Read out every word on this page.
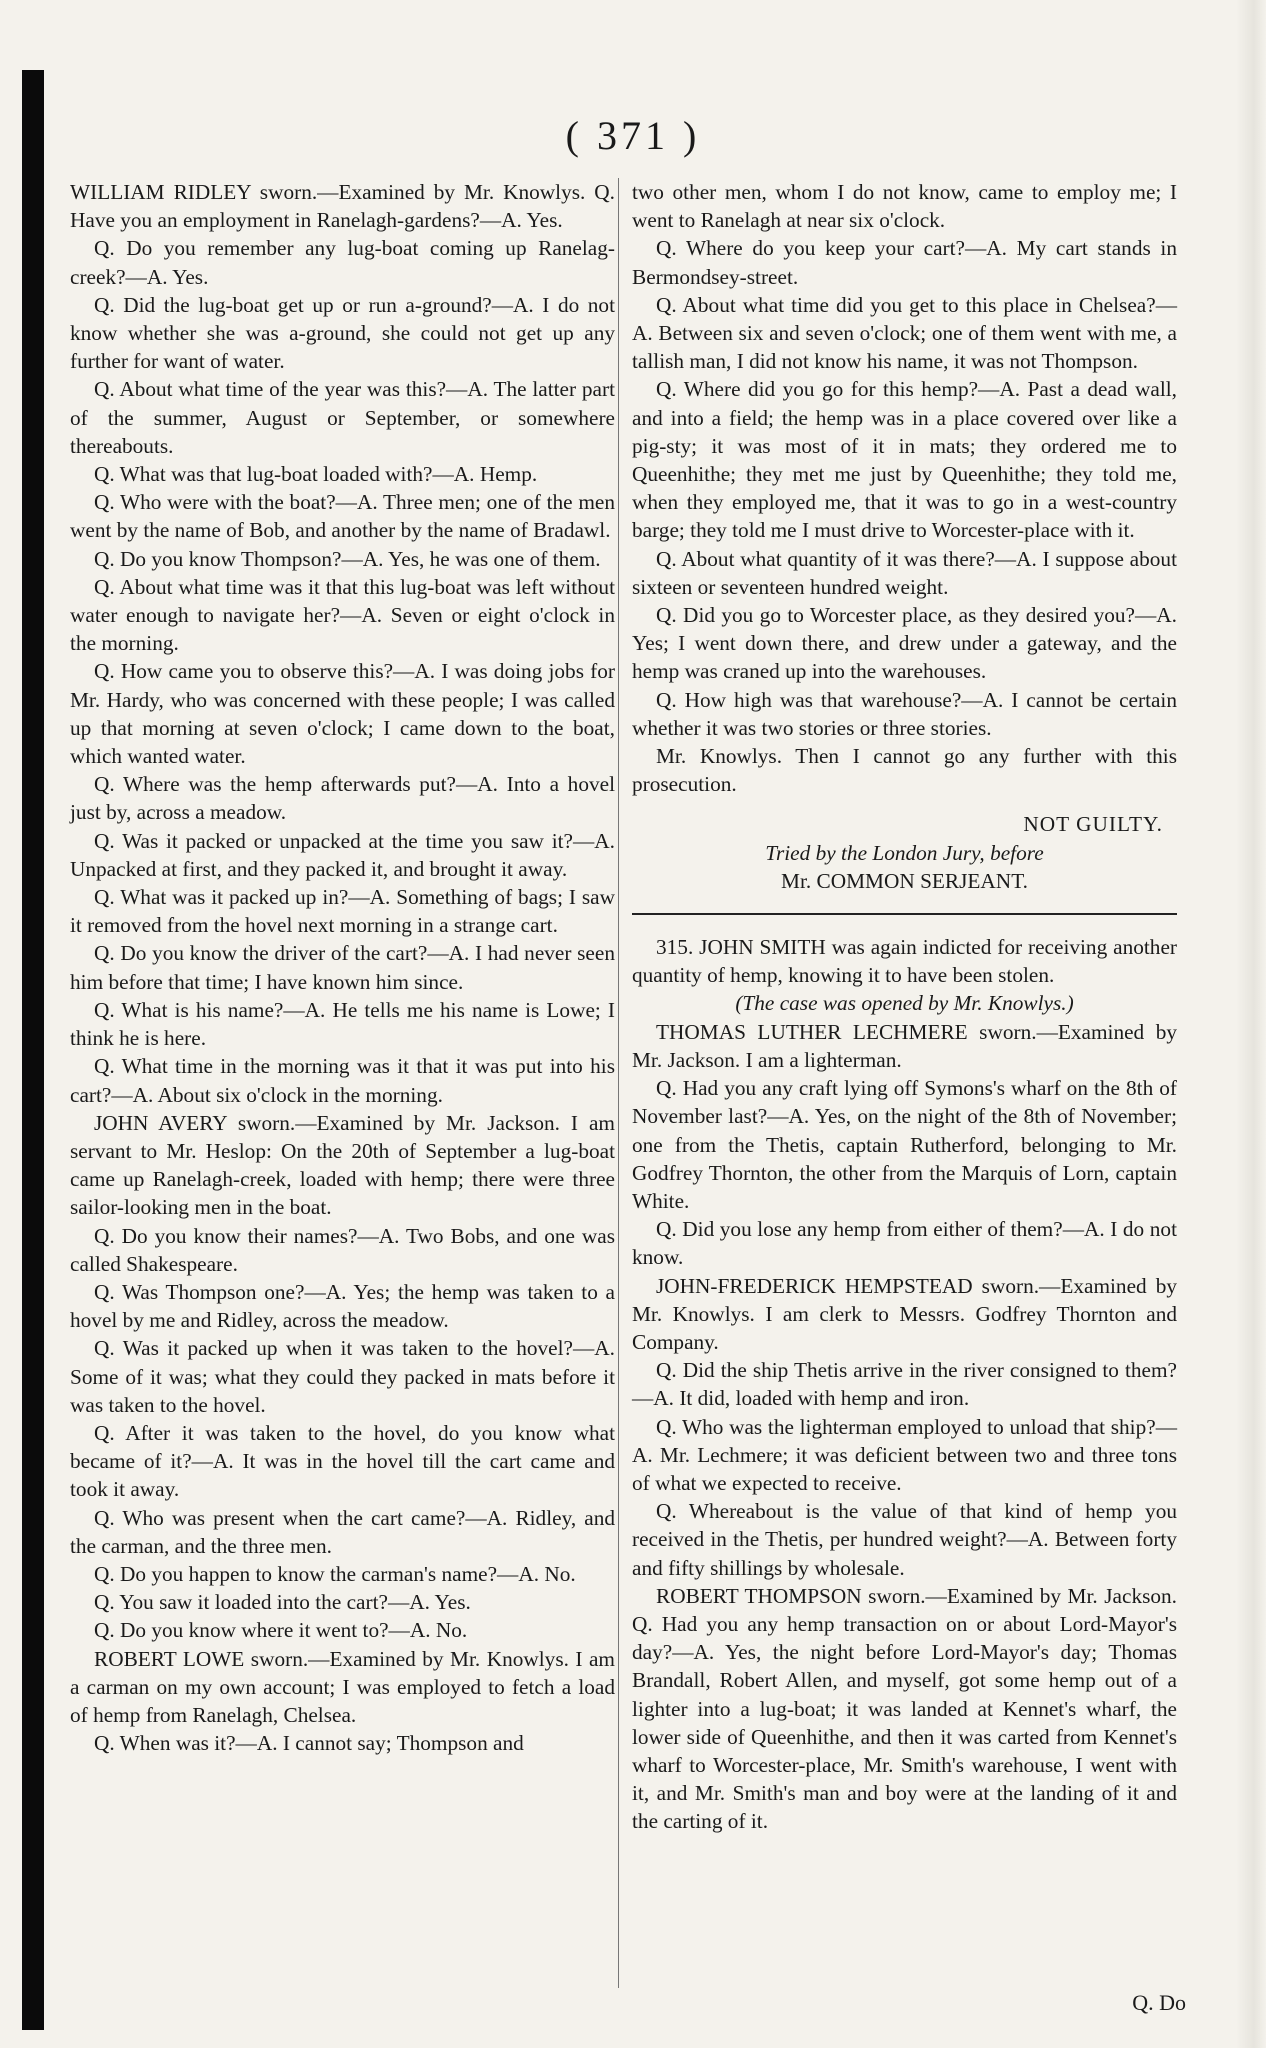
( 371 )

WILLIAM RIDLEY sworn.—Examined by Mr. Knowlys. Q. Have you an employment in Ranelagh-gardens?—A. Yes.

Q. Do you remember any lug-boat coming up Ranelag-creek?—A. Yes.

Q. Did the lug-boat get up or run a-ground?—A. I do not know whether she was a-ground, she could not get up any further for want of water.

Q. About what time of the year was this?—A. The latter part of the summer, August or September, or somewhere thereabouts.

Q. What was that lug-boat loaded with?—A. Hemp.

Q. Who were with the boat?—A. Three men; one of the men went by the name of Bob, and another by the name of Bradawl.

Q. Do you know Thompson?—A. Yes, he was one of them.

Q. About what time was it that this lug-boat was left without water enough to navigate her?—A. Seven or eight o'clock in the morning.

Q. How came you to observe this?—A. I was doing jobs for Mr. Hardy, who was concerned with these people; I was called up that morning at seven o'clock; I came down to the boat, which wanted water.

Q. Where was the hemp afterwards put?—A. Into a hovel just by, across a meadow.

Q. Was it packed or unpacked at the time you saw it?—A. Unpacked at first, and they packed it, and brought it away.

Q. What was it packed up in?—A. Something of bags; I saw it removed from the hovel next morning in a strange cart.

Q. Do you know the driver of the cart?—A. I had never seen him before that time; I have known him since.

Q. What is his name?—A. He tells me his name is Lowe; I think he is here.

Q. What time in the morning was it that it was put into his cart?—A. About six o'clock in the morning.

JOHN AVERY sworn.—Examined by Mr. Jackson. I am servant to Mr. Heslop: On the 20th of September a lug-boat came up Ranelagh-creek, loaded with hemp; there were three sailor-looking men in the boat.

Q. Do you know their names?—A. Two Bobs, and one was called Shakespeare.

Q. Was Thompson one?—A. Yes; the hemp was taken to a hovel by me and Ridley, across the meadow.

Q. Was it packed up when it was taken to the hovel?—A. Some of it was; what they could they packed in mats before it was taken to the hovel.

Q. After it was taken to the hovel, do you know what became of it?—A. It was in the hovel till the cart came and took it away.

Q. Who was present when the cart came?—A. Ridley, and the carman, and the three men.

Q. Do you happen to know the carman's name?—A. No.

Q. You saw it loaded into the cart?—A. Yes.

Q. Do you know where it went to?—A. No.

ROBERT LOWE sworn.—Examined by Mr. Knowlys. I am a carman on my own account; I was employed to fetch a load of hemp from Ranelagh, Chelsea.

Q. When was it?—A. I cannot say; Thompson and

two other men, whom I do not know, came to employ me; I went to Ranelagh at near six o'clock.

Q. Where do you keep your cart?—A. My cart stands in Bermondsey-street.

Q. About what time did you get to this place in Chelsea?—A. Between six and seven o'clock; one of them went with me, a tallish man, I did not know his name, it was not Thompson.

Q. Where did you go for this hemp?—A. Past a dead wall, and into a field; the hemp was in a place covered over like a pig-sty; it was most of it in mats; they ordered me to Queenhithe; they met me just by Queenhithe; they told me, when they employed me, that it was to go in a west-country barge; they told me I must drive to Worcester-place with it.

Q. About what quantity of it was there?—A. I suppose about sixteen or seventeen hundred weight.

Q. Did you go to Worcester place, as they desired you?—A. Yes; I went down there, and drew under a gateway, and the hemp was craned up into the warehouses.

Q. How high was that warehouse?—A. I cannot be certain whether it was two stories or three stories.

Mr. Knowlys. Then I cannot go any further with this prosecution.

NOT GUILTY.

Tried by the London Jury, before

Mr. COMMON SERJEANT.

315. JOHN SMITH was again indicted for receiving another quantity of hemp, knowing it to have been stolen.

(The case was opened by Mr. Knowlys.)

THOMAS LUTHER LECHMERE sworn.—Examined by Mr. Jackson. I am a lighterman.

Q. Had you any craft lying off Symons's wharf on the 8th of November last?—A. Yes, on the night of the 8th of November; one from the Thetis, captain Rutherford, belonging to Mr. Godfrey Thornton, the other from the Marquis of Lorn, captain White.

Q. Did you lose any hemp from either of them?—A. I do not know.

JOHN-FREDERICK HEMPSTEAD sworn.—Examined by Mr. Knowlys. I am clerk to Messrs. Godfrey Thornton and Company.

Q. Did the ship Thetis arrive in the river consigned to them?—A. It did, loaded with hemp and iron.

Q. Who was the lighterman employed to unload that ship?—A. Mr. Lechmere; it was deficient between two and three tons of what we expected to receive.

Q. Whereabout is the value of that kind of hemp you received in the Thetis, per hundred weight?—A. Between forty and fifty shillings by wholesale.

ROBERT THOMPSON sworn.—Examined by Mr. Jackson. Q. Had you any hemp transaction on or about Lord-Mayor's day?—A. Yes, the night before Lord-Mayor's day; Thomas Brandall, Robert Allen, and myself, got some hemp out of a lighter into a lug-boat; it was landed at Kennet's wharf, the lower side of Queenhithe, and then it was carted from Kennet's wharf to Worcester-place, Mr. Smith's warehouse, I went with it, and Mr. Smith's man and boy were at the landing of it and the carting of it.

Q. Do
